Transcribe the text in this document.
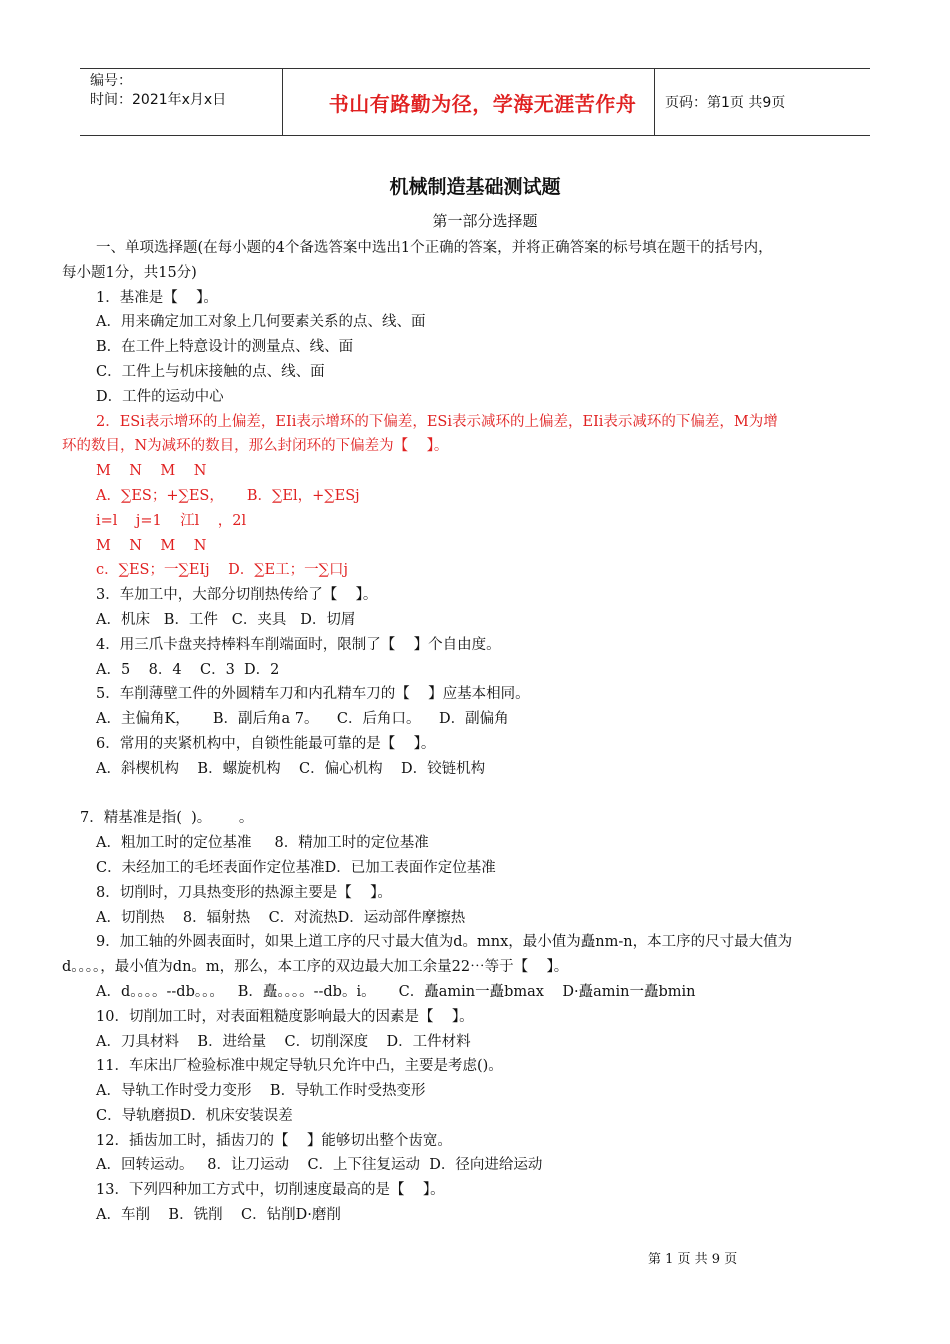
编号：
时间：2021年x月x日	书山有路勤为径，学海无涯苦作舟 页码：第1页 共9页
机械制造基础测试题
第一部分选择题
一、单项选择题(在每小题的4个备选答案中选出1个正确的答案，并将正确答案的标号填在题干的括号内，
每小题1分，共15分)
1．基准是【    】。
A．用来确定加工对象上几何要素关系的点、线、面
B．在工件上特意设计的测量点、线、面
C．工件上与机床接触的点、线、面
D．工件的运动中心
2．ESi表示增环的上偏差，EIi表示增环的下偏差，ESi表示减环的上偏差，EIi表示减环的下偏差，M为增
环的数目，N为减环的数目，那么封闭环的下偏差为【    】。
M    N    M    N
A．∑ES；+∑ES，     B．∑El，+∑ESj
i=l    j=1    江l    ，2l
M    N    M    N
c．∑ES；一∑EIj    D．∑E工；一∑口j
3．车加工中，大部分切削热传给了【    】。
A．机床   B．工件   C．夹具   D．切屑
4．用三爪卡盘夹持棒料车削端面时，限制了【    】个自由度。
A．5    8．4    C．3  D．2
5．车削薄壁工件的外圆精车刀和内孔精车刀的【    】应基本相同。
A．主偏角K，     B．副后角a 7。    C．后角口。    D．副偏角
6．常用的夹紧机构中，自锁性能最可靠的是【    】。
A．斜楔机构    B．螺旋机构    C．偏心机构    D．铰链机构
7．精基准是指(  )。      。
A．粗加工时的定位基准     8．精加工时的定位基准
C．未经加工的毛坯表面作定位基准D．已加工表面作定位基准
8．切削时，刀具热变形的热源主要是【    】。
A．切削热    8．辐射热    C．对流热D．运动部件摩擦热
9．加工轴的外圆表面时，如果上道工序的尺寸最大值为d。mnx，最小值为矗nm-n，本工序的尺寸最大值为
d。。。。，最小值为dn。m，那么，本工序的双边最大加工余量22⋯等于【    】。
A．d。。。。--db。。。   B．矗。。。。--db。i。     C．矗amin一矗bmax    D·矗amin一矗bmin
10．切削加工时，对表面粗糙度影响最大的因素是【    】。
A．刀具材料    B．进给量    C．切削深度    D．工件材料
11．车床出厂检验标准中规定导轨只允许中凸，主要是考虑()。
A．导轨工作时受力变形    B．导轨工作时受热变形
C．导轨磨损D．机床安装误差
12．插齿加工时，插齿刀的【    】能够切出整个齿宽。
A．回转运动。   8．让刀运动    C．上下往复运动  D．径向进给运动
13．下列四种加工方式中，切削速度最高的是【    】。
A．车削    B．铣削    C．钻削D·磨削
第 1 页 共 9 页
